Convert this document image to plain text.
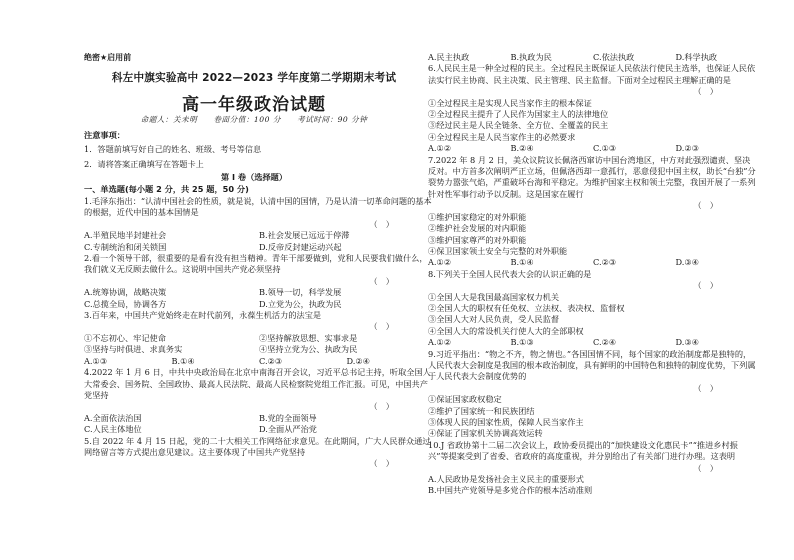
绝密★启用前
科左中旗实验高中 2022—2023 学年度第二学期期末考试
高一年级政治试题
命题人：关未明　　卷面分值：100 分　　考试时间：90 分钟

注意事项：

1．答题前填写好自己的姓名、班级、考号等信息

2．请将答案正确填写在答题卡上

第 I 卷（选择题）
一、单选题(每小题 2 分，共 25 题，50 分)

1.毛泽东指出：“认清中国社会的性质，就是说，认清中国的国情，乃是认清一切革命问题的基本的根据，近代中国的基本国情是

（　）

A.半殖民地半封建社会	B.社会发展已远远于停滞
C.专制统治和闭关锁国	D.反帝反封建运动兴起

2.看一个领导干部，很重要的是看有没有担当精神。青年干部要做到，党和人民要我们做什么，我们就义无反顾去做什么。这说明中国共产党必须坚持

（　）

A.统筹协调，战略决策	B.领导一切，科学发展
C.总揽全局，协调各方	D.立党为公，执政为民

3.百年来，中国共产党始终走在时代前列，永葆生机活力的法宝是

（　）

①不忘初心、牢记使命	②坚持解放思想、实事求是
③坚持与时俱进、求真务实	④坚持立党为公、执政为民
A.①③	B.①④	C.②③	D.②④

4.2022 年 1 月 6 日，中共中央政治局在北京中南海召开会议，习近平总书记主持，听取全国人大常委会、国务院、全国政协、最高人民法院、最高人民检察院党组工作汇报。可见，中国共产党坚持

（　）

A.全面依法治国	B.党的全面领导
C.人民主体地位	D.全面从严治党

5.自 2022 年 4 月 15 日起，党的二十大相关工作网络征求意见。在此期间，广大人民群众通过网络留言等方式提出意见建议。这主要体现了中国共产党坚持

（　）

A.民主执政	B.执政为民	C.依法执政	D.科学执政

6.人民民主是一种全过程的民主。全过程民主既保证人民依法行使民主选举，也保证人民依法实行民主协商、民主决策、民主管理、民主监督。下面对全过程民主理解正确的是

（　）

①全过程民主是实现人民当家作主的根本保证

②全过程民主提升了人民作为国家主人的法律地位

③经过民主是人民全链条、全方位、全覆盖的民主

④全过程民主是人民当家作主的必然要求

A.①②	B.②④	C.①③	D.②③

7.2022 年 8 月 2 日，美众议院议长佩洛西窜访中国台湾地区，中方对此强烈谴责、坚决反对。中方首多次阐明严正立场，但佩洛西却一意孤行，恶意侵犯中国主权，助长“台独”分裂势力嚣张气焰，严重破坏台海和平稳定。为维护国家主权和领土完整，我国开展了一系列针对性军事行动予以反制。这是国家在履行

（　）

①维护国家稳定的对外职能

②维护社会发展的对内职能

③维护国家尊严的对外职能

④保卫国家领土安全与完整的对外职能

A.①②	B.①④	C.②③	D.③④

8.下列关于全国人民代表大会的认识正确的是

（　）

①全国人大是我国最高国家权力机关

②全国人大的职权有任免权、立法权、表决权、监督权

③全国人大对人民负责，受人民监督

④全国人大的常设机关行使人大的全部职权

A.①②	B.①③	C.②④	D.③④

9.习近平指出：“物之不齐，物之情也。”各国国情不同，每个国家的政治制度都是独特的，人民代表大会制度是我国的根本政治制度，具有鲜明的中国特色和独特的制度优势，下列属于人民代表大会制度优势的

（　）

①保证国家政权稳定

②维护了国家统一和民族团结

③体现人民的国家性质，保障人民当家作主

④保证了国家机关协调高效运转

10.J 省政协第十二届二次会议上，政协委员提出的“加快建设文化惠民卡”“推进乡村振兴”等提案受到了省委、省政府的高度重视，并分别给出了有关部门进行办理。这表明

（　）

A.人民政协是发扬社会主义民主的重要形式

B.中国共产党领导是多党合作的根本活动准则
